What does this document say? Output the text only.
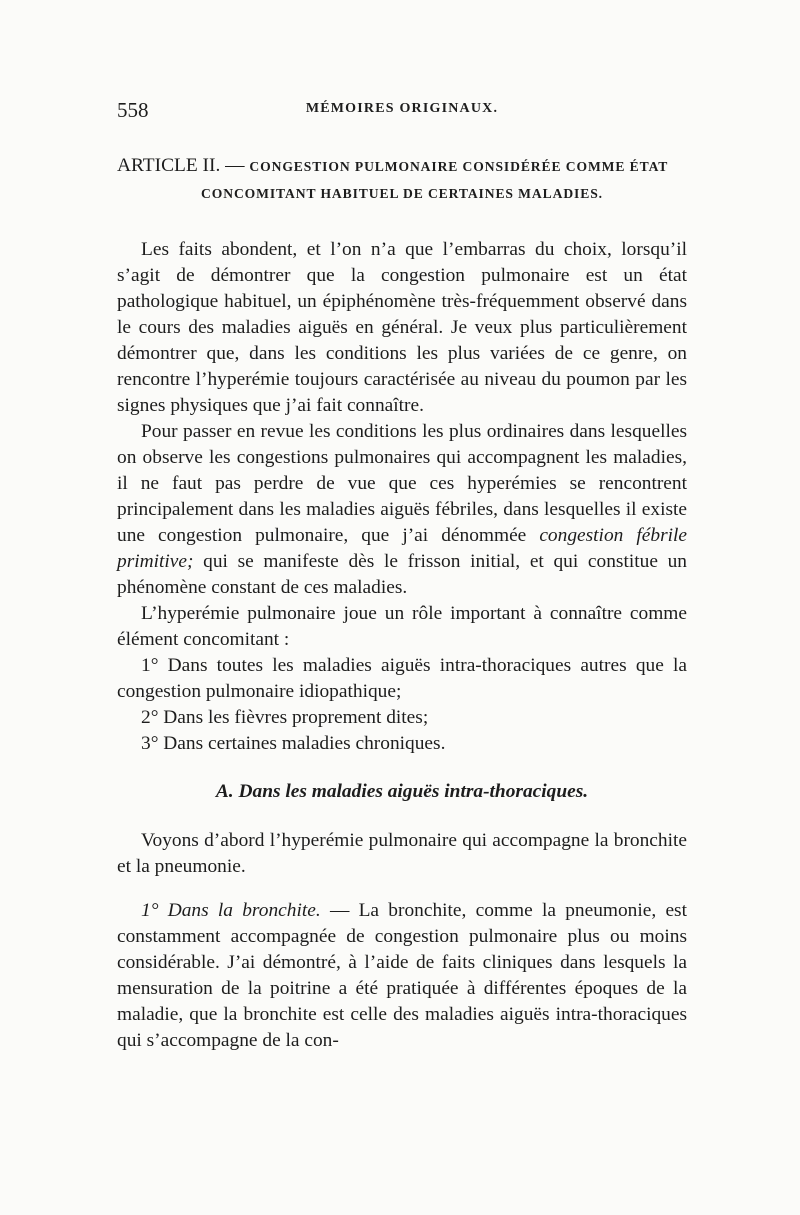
558	MÉMOIRES ORIGINAUX.
ARTICLE II. — CONGESTION PULMONAIRE CONSIDÉRÉE COMME ÉTAT
CONCOMITANT HABITUEL DE CERTAINES MALADIES.

Les faits abondent, et l’on n’a que l’embarras du choix, lorsqu’il s’agit de démontrer que la congestion pulmonaire est un état pathologique habituel, un épiphénomène très-fréquemment observé dans le cours des maladies aiguës en général. Je veux plus particulièrement démontrer que, dans les conditions les plus variées de ce genre, on rencontre l’hyperémie toujours caractérisée au niveau du poumon par les signes physiques que j’ai fait connaître.

Pour passer en revue les conditions les plus ordinaires dans lesquelles on observe les congestions pulmonaires qui accompagnent les maladies, il ne faut pas perdre de vue que ces hyperémies se rencontrent principalement dans les maladies aiguës fébriles, dans lesquelles il existe une congestion pulmonaire, que j’ai dénommée congestion fébrile primitive; qui se manifeste dès le frisson initial, et qui constitue un phénomène constant de ces maladies.

L’hyperémie pulmonaire joue un rôle important à connaître comme élément concomitant :

1° Dans toutes les maladies aiguës intra-thoraciques autres que la congestion pulmonaire idiopathique;

2° Dans les fièvres proprement dites;

3° Dans certaines maladies chroniques.

A. Dans les maladies aiguës intra-thoraciques.

Voyons d’abord l’hyperémie pulmonaire qui accompagne la bronchite et la pneumonie.

1° Dans la bronchite. — La bronchite, comme la pneumonie, est constamment accompagnée de congestion pulmonaire plus ou moins considérable. J’ai démontré, à l’aide de faits cliniques dans lesquels la mensuration de la poitrine a été pratiquée à différentes époques de la maladie, que la bronchite est celle des maladies aiguës intra-thoraciques qui s’accompagne de la con-
